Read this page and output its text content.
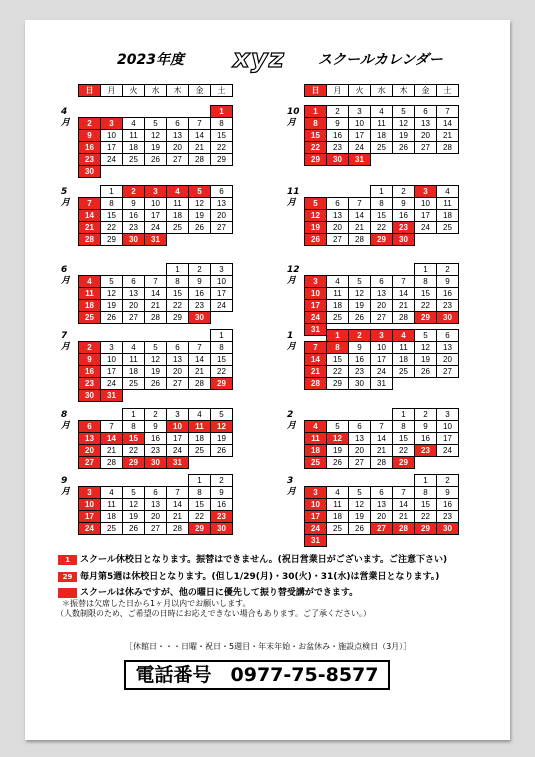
2023年度 xyz スクールカレンダー
日	月	火	水	木	金	土	日	月	火	水	木	金	土
4
月
						1
2	3	4	5	6	7	8
9	10	11	12	13	14	15
16	17	18	19	20	21	22
23	24	25	26	27	28	29
30						
5
月
	1	2	3	4	5	6
7	8	9	10	11	12	13
14	15	16	17	18	19	20
21	22	23	24	25	26	27
28	29	30	31			
6
月
				1	2	3
4	5	6	7	8	9	10
11	12	13	14	15	16	17
18	19	20	21	22	23	24
25	26	27	28	29	30	
7
月
						1
2	3	4	5	6	7	8
9	10	11	12	13	14	15
16	17	18	19	20	21	22
23	24	25	26	27	28	29
30	31					
8
月
		1	2	3	4	5
6	7	8	9	10	11	12
13	14	15	16	17	18	19
20	21	22	23	24	25	26
27	28	29	30	31		
9
月
					1	2
3	4	5	6	7	8	9
10	11	12	13	14	15	16
17	18	19	20	21	22	23
24	25	26	27	28	29	30
10
月
1	2	3	4	5	6	7
8	9	10	11	12	13	14
15	16	17	18	19	20	21
22	23	24	25	26	27	28
29	30	31				
11
月
			1	2	3	4
5	6	7	8	9	10	11
12	13	14	15	16	17	18
19	20	21	22	23	24	25
26	27	28	29	30		
12
月
					1	2
3	4	5	6	7	8	9
10	11	12	13	14	15	16
17	18	19	20	21	22	23
24	25	26	27	28	29	30
31						
1
月
	1	2	3	4	5	6
7	8	9	10	11	12	13
14	15	16	17	18	19	20
21	22	23	24	25	26	27
28	29	30	31			
2
月
				1	2	3
4	5	6	7	8	9	10
11	12	13	14	15	16	17
18	19	20	21	22	23	24
25	26	27	28	29		
3
月
					1	2
3	4	5	6	7	8	9
10	11	12	13	14	15	16
17	18	19	20	21	22	23
24	25	26	27	28	29	30
31						
1 スクール休校日となります。振替はできません。(祝日営業日がございます。ご注意下さい)
29 毎月第5週は休校日となります。(但し1/29(月)・30(火)・31(水)は営業日となります。)
スクールは休みですが、他の曜日に優先して振り替受講ができます。
＊振替は欠席した日から1ヶ月以内でお願いします。
（人数制限のため、ご希望の日時にお応えできない場合もあります。ご了承ください。）
［休館日・・・日曜・祝日・5週目・年末年始・お盆休み・施設点検日（3月）］
電話番号　0977-75-8577
